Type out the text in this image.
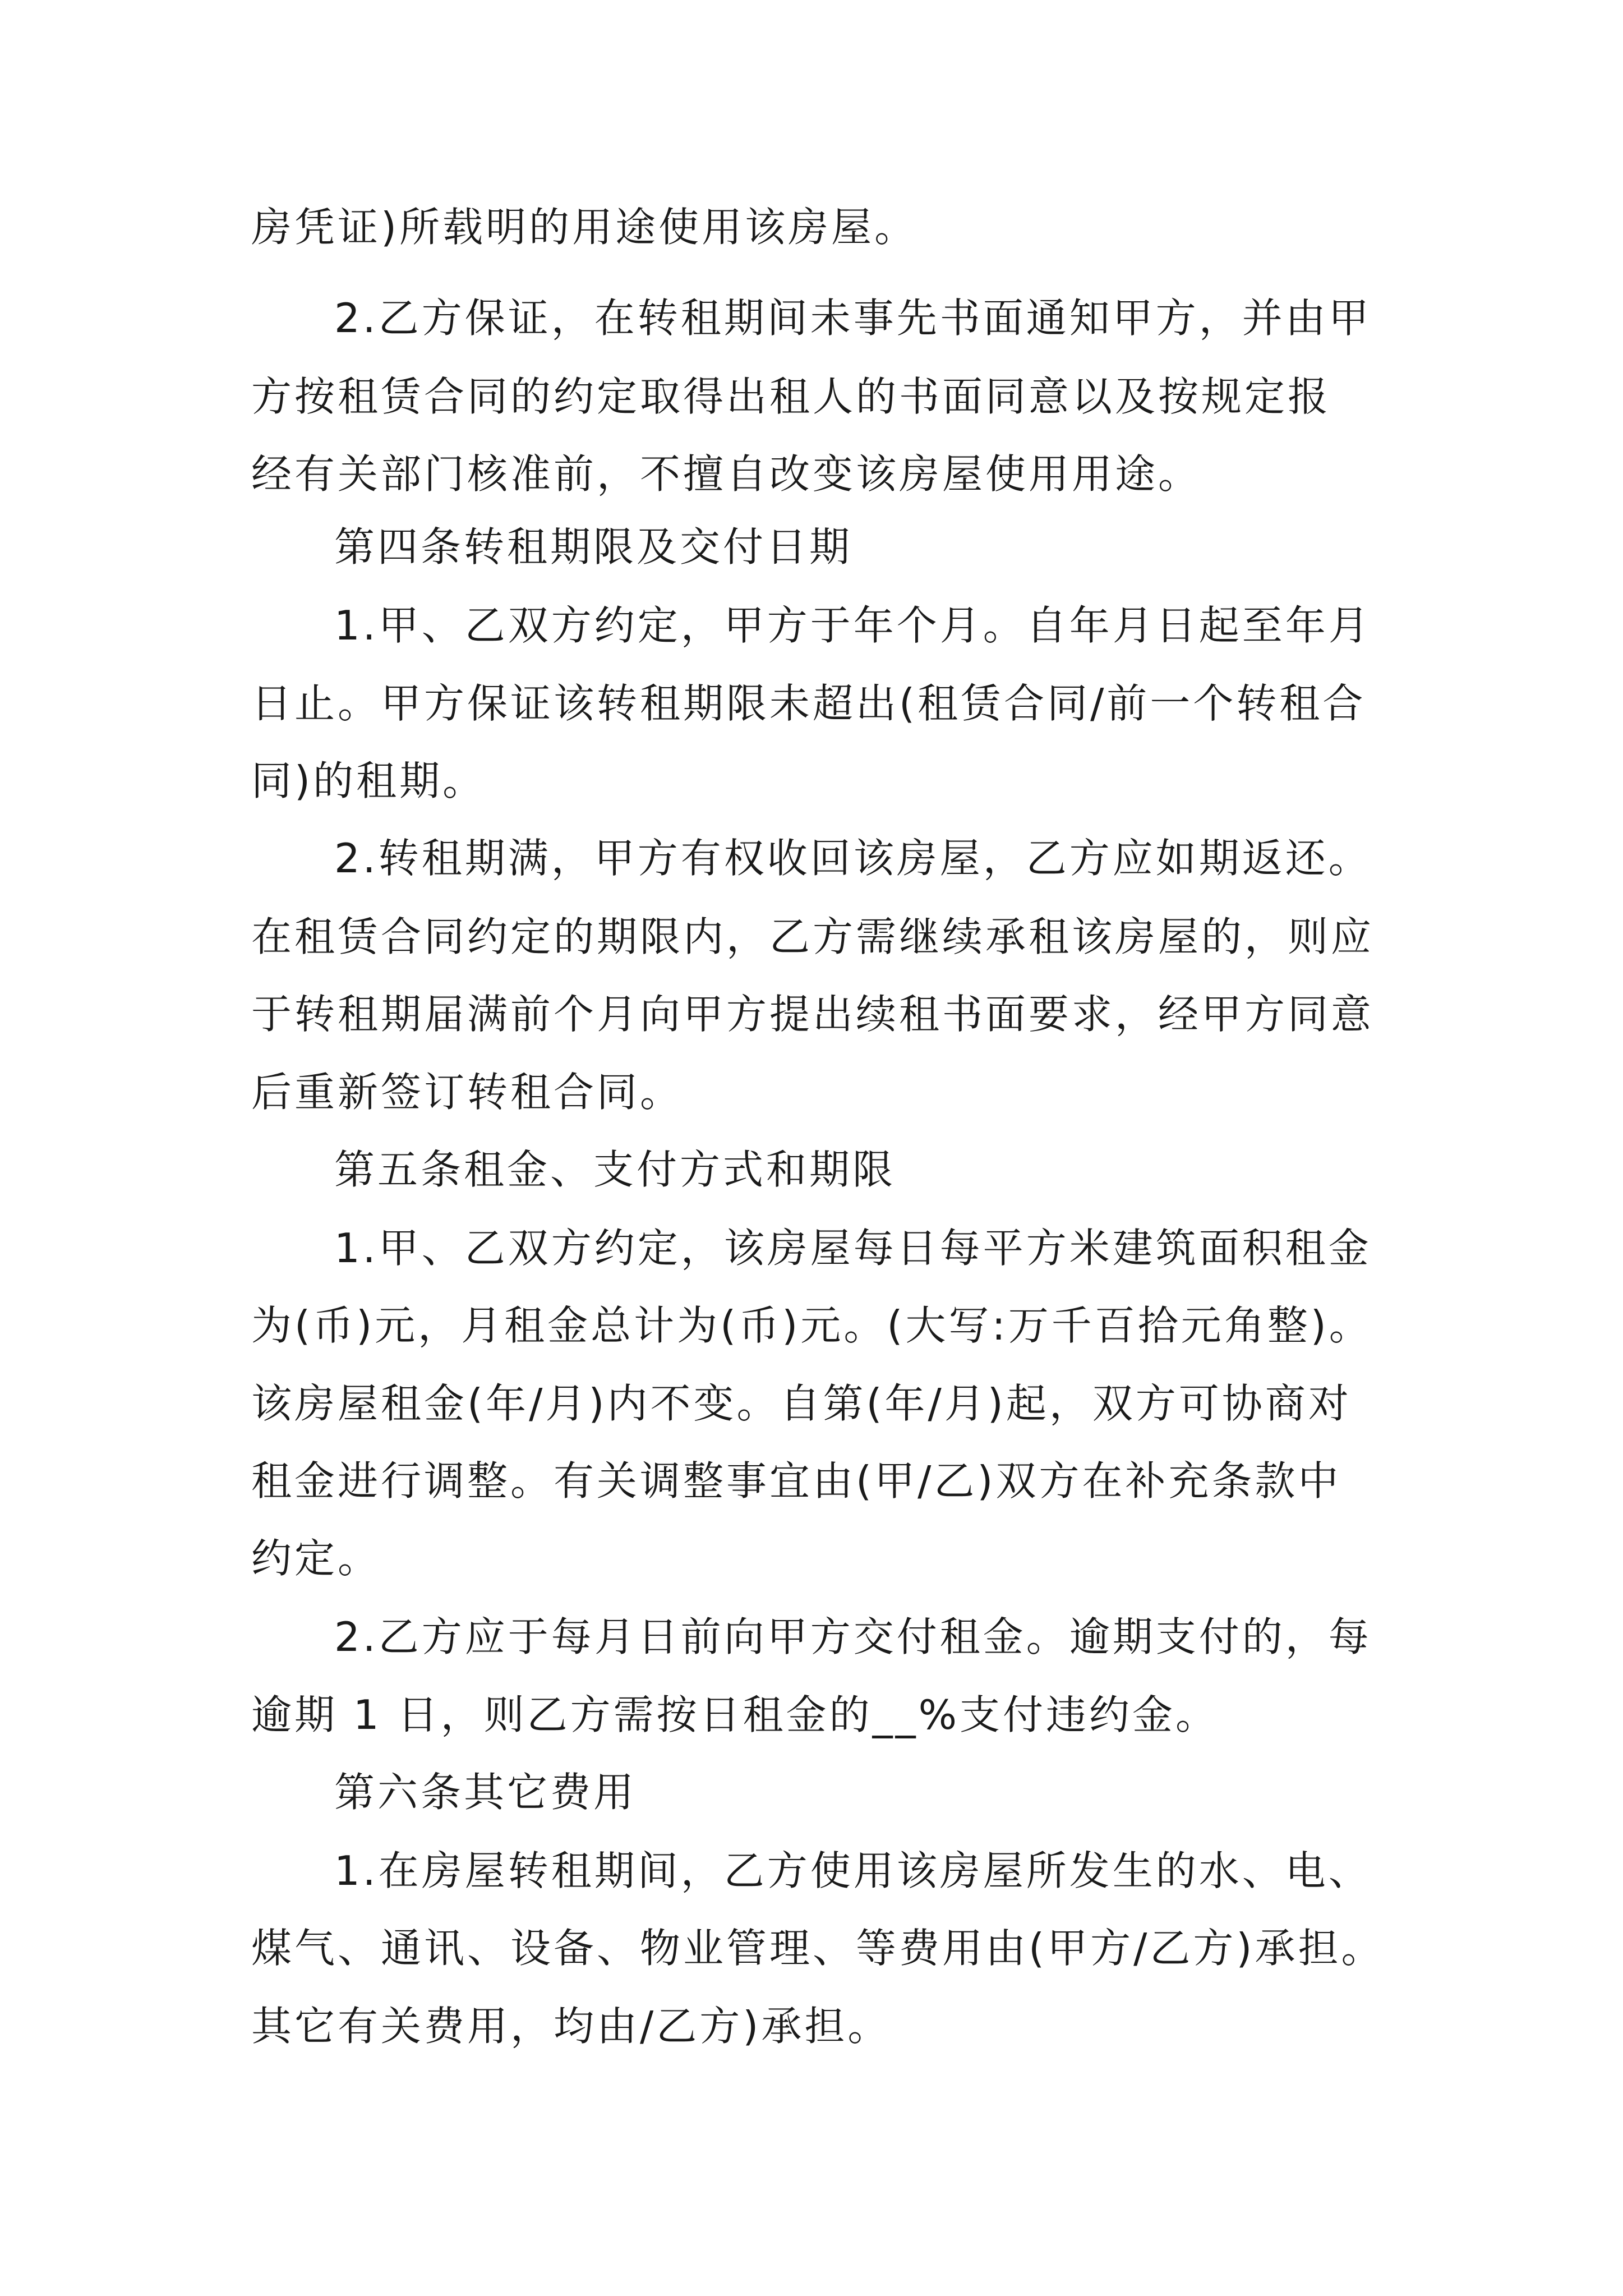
房凭证)所载明的用途使用该房屋。
2.乙方保证，在转租期间未事先书面通知甲方，并由甲
方按租赁合同的约定取得出租人的书面同意以及按规定报
经有关部门核准前，不擅自改变该房屋使用用途。
第四条转租期限及交付日期
1.甲、乙双方约定，甲方于年个月。自年月日起至年月
日止。甲方保证该转租期限未超出(租赁合同/前一个转租合
同)的租期。
2.转租期满，甲方有权收回该房屋，乙方应如期返还。
在租赁合同约定的期限内，乙方需继续承租该房屋的，则应
于转租期届满前个月向甲方提出续租书面要求，经甲方同意
后重新签订转租合同。
第五条租金、支付方式和期限
1.甲、乙双方约定，该房屋每日每平方米建筑面积租金
为(币)元，月租金总计为(币)元。(大写:万千百拾元角整)。
该房屋租金(年/月)内不变。自第(年/月)起，双方可协商对
租金进行调整。有关调整事宜由(甲/乙)双方在补充条款中
约定。
2.乙方应于每月日前向甲方交付租金。逾期支付的，每
逾期 1 日，则乙方需按日租金的__%支付违约金。
第六条其它费用
1.在房屋转租期间，乙方使用该房屋所发生的水、电、
煤气、通讯、设备、物业管理、等费用由(甲方/乙方)承担。
其它有关费用，均由/乙方)承担。
